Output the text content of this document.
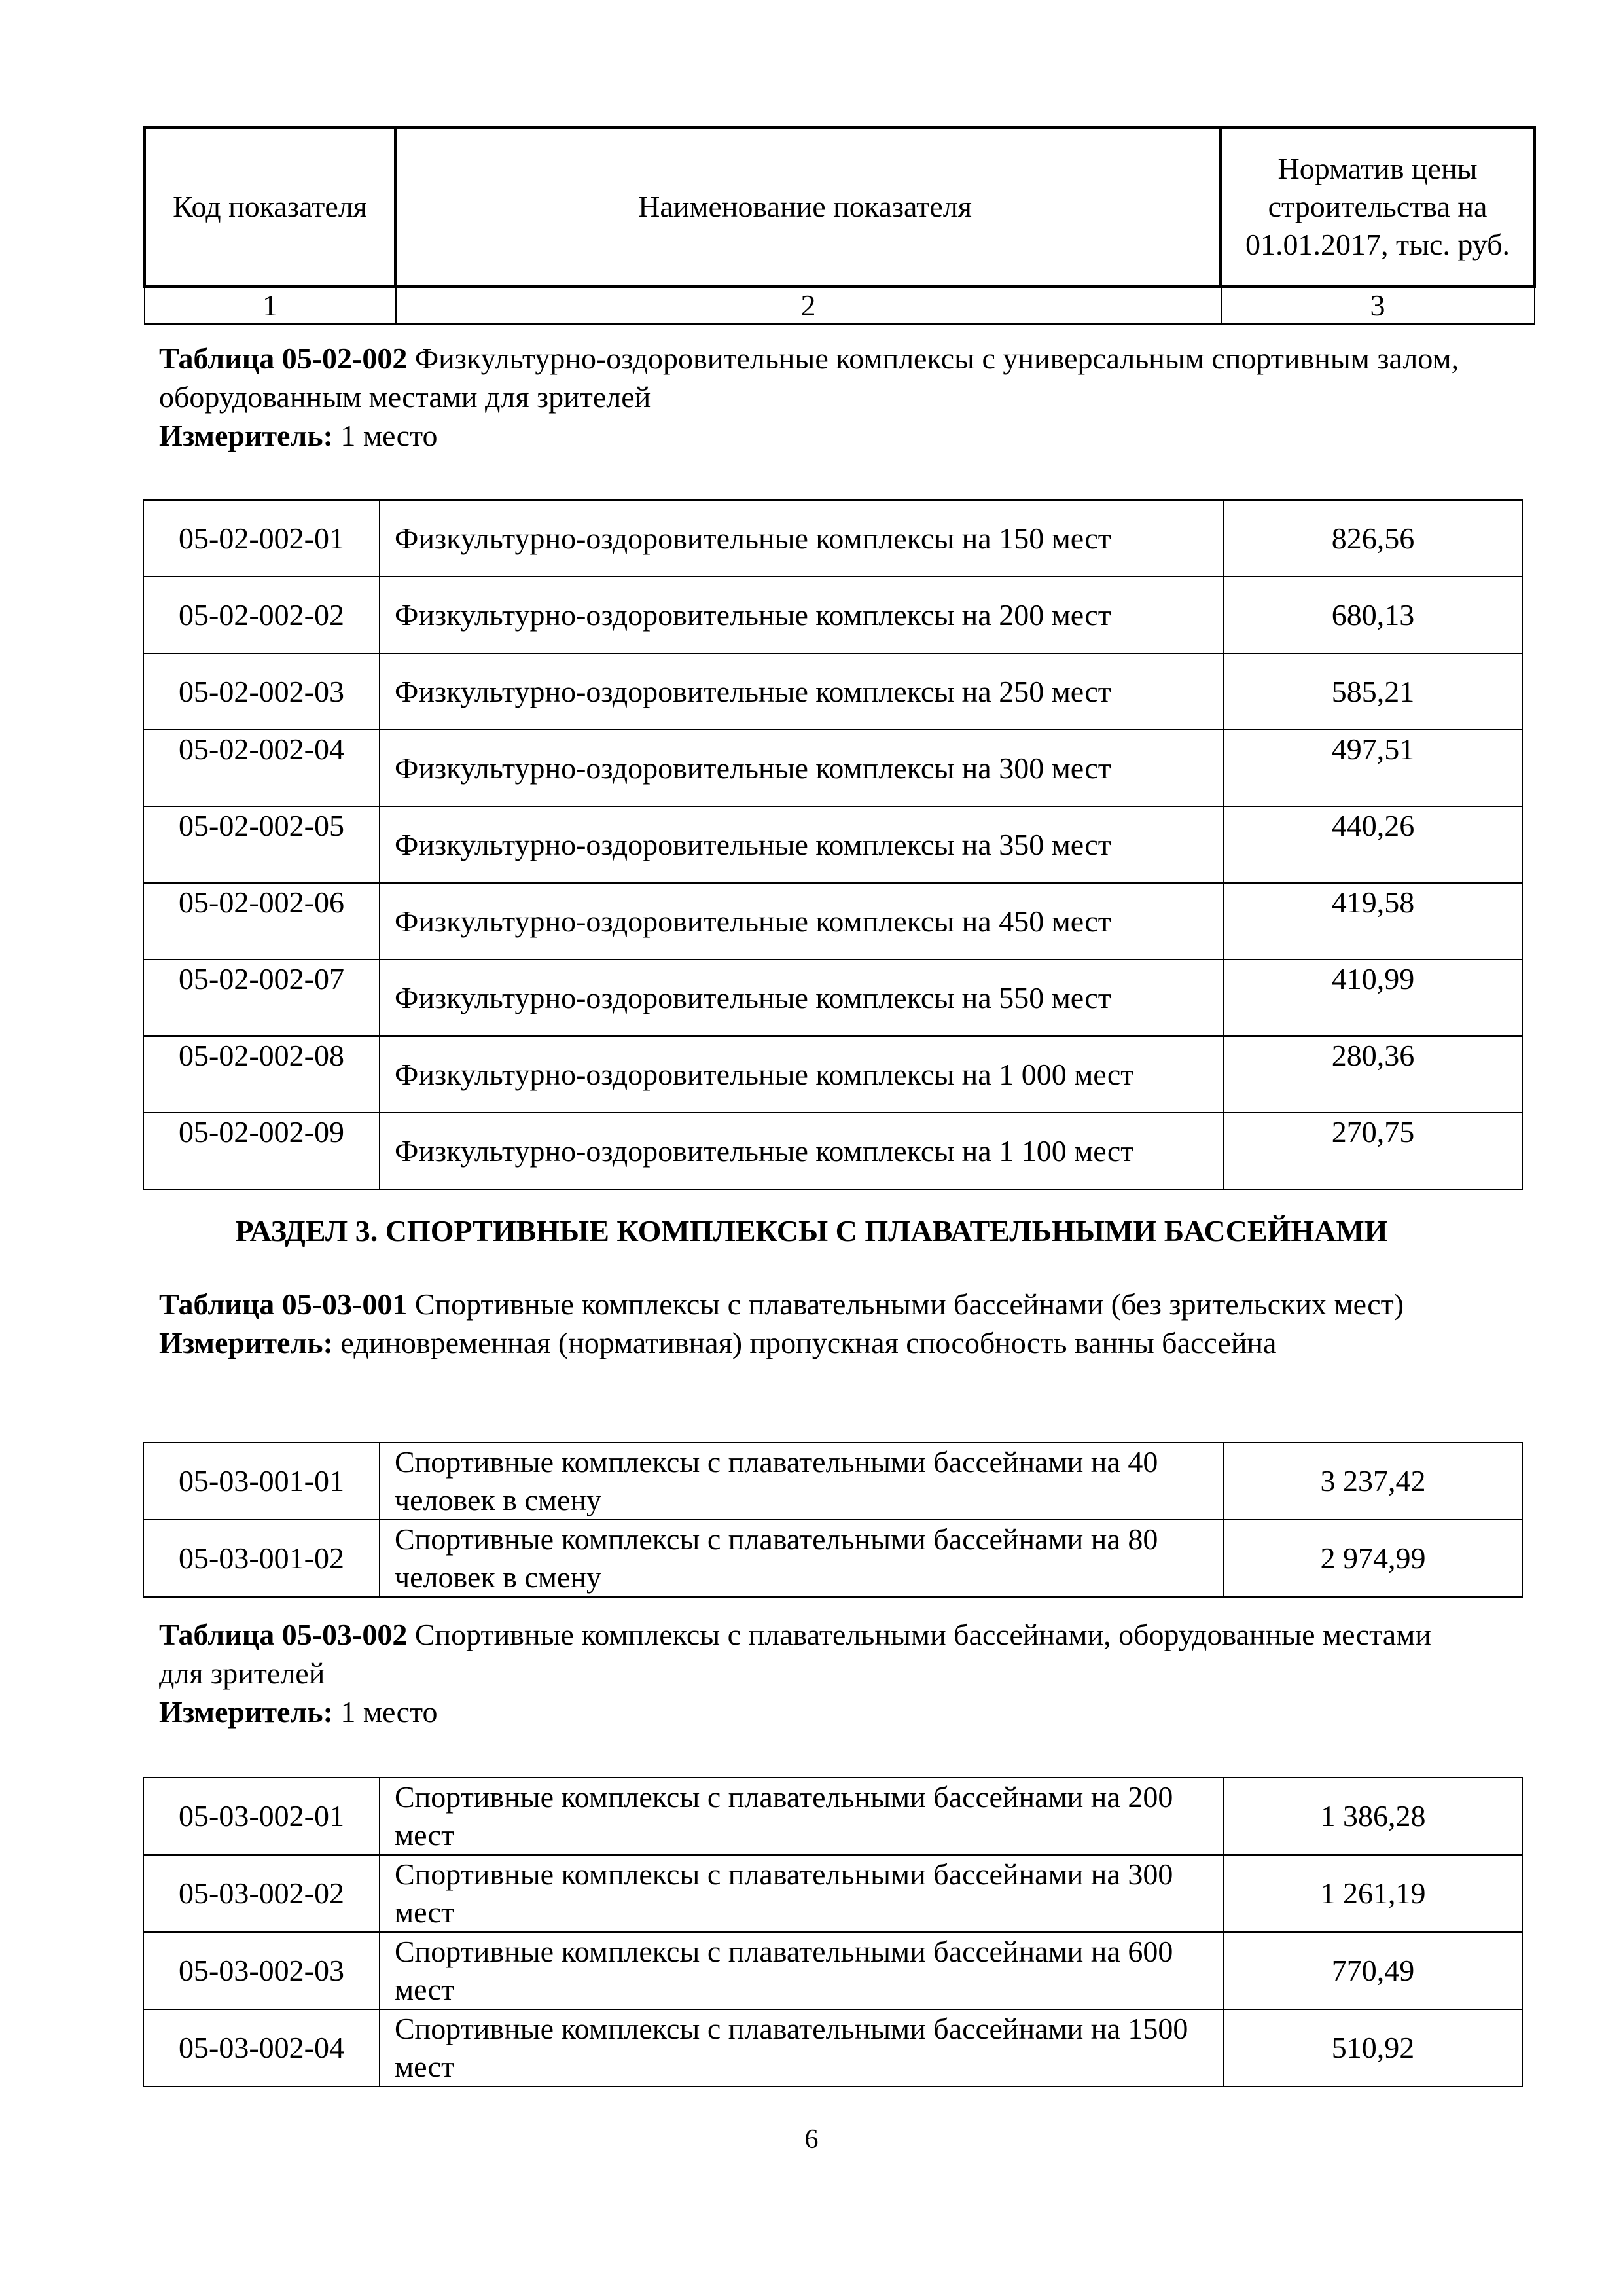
Код показателя	Наименование показателя	Норматив цены строительства на 01.01.2017, тыс. руб.
1	2	3
Таблица 05-02-002 Физкультурно-оздоровительные комплексы с универсальным спортивным залом, оборудованным местами для зрителей
Измеритель: 1 место
05-02-002-01	Физкультурно-оздоровительные комплексы на 150 мест	826,56
05-02-002-02	Физкультурно-оздоровительные комплексы на 200 мест	680,13
05-02-002-03	Физкультурно-оздоровительные комплексы на 250 мест	585,21
05-02-002-04	Физкультурно-оздоровительные комплексы на 300 мест	497,51
05-02-002-05	Физкультурно-оздоровительные комплексы на 350 мест	440,26
05-02-002-06	Физкультурно-оздоровительные комплексы на 450 мест	419,58
05-02-002-07	Физкультурно-оздоровительные комплексы на 550 мест	410,99
05-02-002-08	Физкультурно-оздоровительные комплексы на 1 000 мест	280,36
05-02-002-09	Физкультурно-оздоровительные комплексы на 1 100 мест	270,75
РАЗДЕЛ 3. СПОРТИВНЫЕ КОМПЛЕКСЫ С ПЛАВАТЕЛЬНЫМИ БАССЕЙНАМИ
Таблица 05-03-001 Спортивные комплексы с плавательными бассейнами (без зрительских мест)
Измеритель: единовременная (нормативная) пропускная способность ванны бассейна
05-03-001-01	Спортивные комплексы с плавательными бассейнами на 40 человек в смену	3 237,42
05-03-001-02	Спортивные комплексы с плавательными бассейнами на 80 человек в смену	2 974,99
Таблица 05-03-002 Спортивные комплексы с плавательными бассейнами, оборудованные местами для зрителей
Измеритель: 1 место
05-03-002-01	Спортивные комплексы с плавательными бассейнами на 200 мест	1 386,28
05-03-002-02	Спортивные комплексы с плавательными бассейнами на 300 мест	1 261,19
05-03-002-03	Спортивные комплексы с плавательными бассейнами на 600 мест	770,49
05-03-002-04	Спортивные комплексы с плавательными бассейнами на 1500 мест	510,92
6
